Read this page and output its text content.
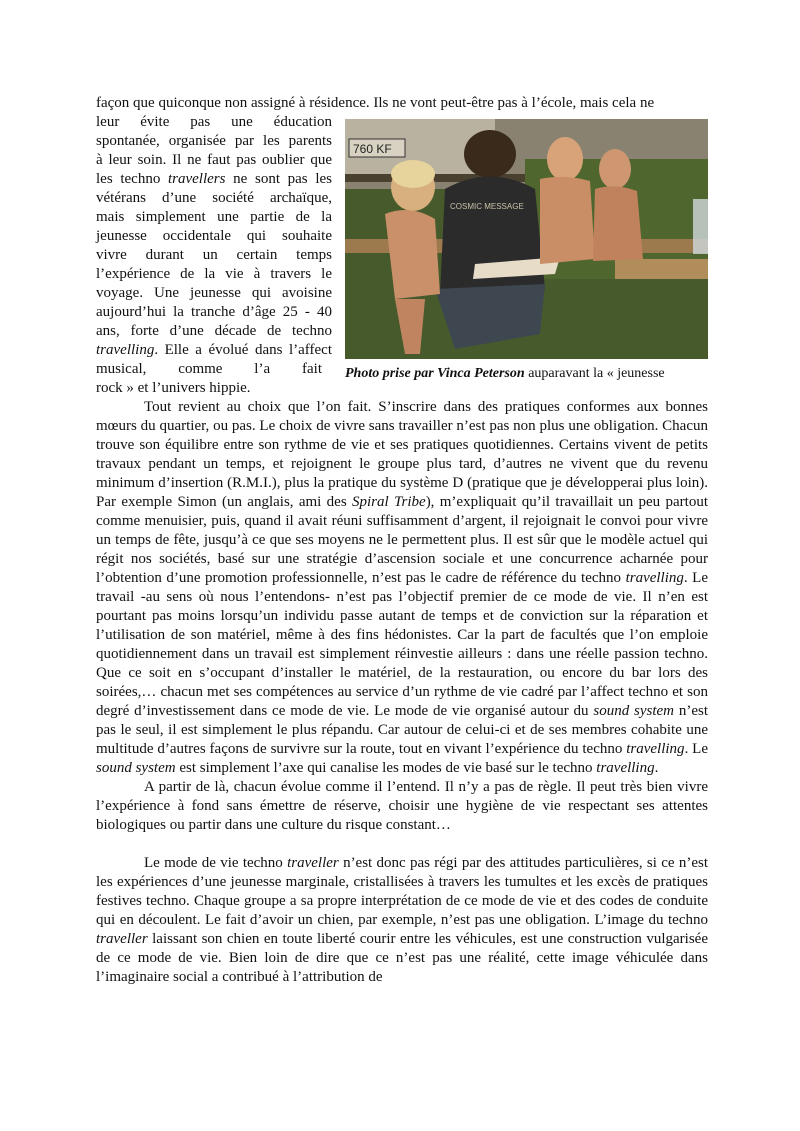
façon que quiconque non assigné à résidence. Ils ne vont peut-être pas à l’école, mais cela ne

760 KF
COSMIC MESSAGE
Photo prise par Vinca Peterson auparavant la « jeunesse
leur évite pas une éducation
spontanée, organisée par les parents
à leur soin. Il ne faut pas oublier que
les techno travellers ne sont pas les
vétérans d’une société archaïque,
mais simplement une partie de la
jeunesse occidentale qui souhaite
vivre durant un certain temps
l’expérience de la vie à travers le
voyage. Une jeunesse qui avoisine
aujourd’hui la tranche d’âge 25 - 40
ans, forte d’une décade de techno
travelling. Elle a évolué dans l’affect

musical, comme l’a fait

rock » et l’univers hippie.

Tout revient au choix que l’on fait. S’inscrire dans des pratiques conformes aux bonnes mœurs du quartier, ou pas. Le choix de vivre sans travailler n’est pas non plus une obligation. Chacun trouve son équilibre entre son rythme de vie et ses pratiques quotidiennes. Certains vivent de petits travaux pendant un temps, et rejoignent le groupe plus tard, d’autres ne vivent que du revenu minimum d’insertion (R.M.I.), plus la pratique du système D (pratique que je développerai plus loin). Par exemple Simon (un anglais, ami des Spiral Tribe), m’expliquait qu’il travaillait un peu partout comme menuisier, puis, quand il avait réuni suffisamment d’argent, il rejoignait le convoi pour vivre un temps de fête, jusqu’à ce que ses moyens ne le permettent plus. Il est sûr que le modèle actuel qui régit nos sociétés, basé sur une stratégie d’ascension sociale et une concurrence acharnée pour l’obtention d’une promotion professionnelle, n’est pas le cadre de référence du techno travelling. Le travail -au sens où nous l’entendons- n’est pas l’objectif premier de ce mode de vie. Il n’en est pourtant pas moins lorsqu’un individu passe autant de temps et de conviction sur la réparation et l’utilisation de son matériel, même à des fins hédonistes. Car la part de facultés que l’on emploie quotidiennement dans un travail est simplement réinvestie ailleurs : dans une réelle passion techno. Que ce soit en s’occupant d’installer le matériel, de la restauration, ou encore du bar lors des soirées,… chacun met ses compétences au service d’un rythme de vie cadré par l’affect techno et son degré d’investissement dans ce mode de vie. Le mode de vie organisé autour du sound system n’est pas le seul, il est simplement le plus répandu. Car autour de celui-ci et de ses membres cohabite une multitude d’autres façons de survivre sur la route, tout en vivant l’expérience du techno travelling. Le sound system est simplement l’axe qui canalise les modes de vie basé sur le techno travelling.

A partir de là, chacun évolue comme il l’entend. Il n’y a pas de règle. Il peut très bien vivre l’expérience à fond sans émettre de réserve, choisir une hygiène de vie respectant ses attentes biologiques ou partir dans une culture du risque constant…

Le mode de vie techno traveller n’est donc pas régi par des attitudes particulières, si ce n’est les expériences d’une jeunesse marginale, cristallisées à travers les tumultes et les excès de pratiques festives techno. Chaque groupe a sa propre interprétation de ce mode de vie et des codes de conduite qui en découlent. Le fait d’avoir un chien, par exemple, n’est pas une obligation. L’image du techno traveller laissant son chien en toute liberté courir entre les véhicules, est une construction vulgarisée de ce mode de vie. Bien loin de dire que ce n’est pas une réalité, cette image véhiculée dans l’imaginaire social a contribué à l’attribution de
